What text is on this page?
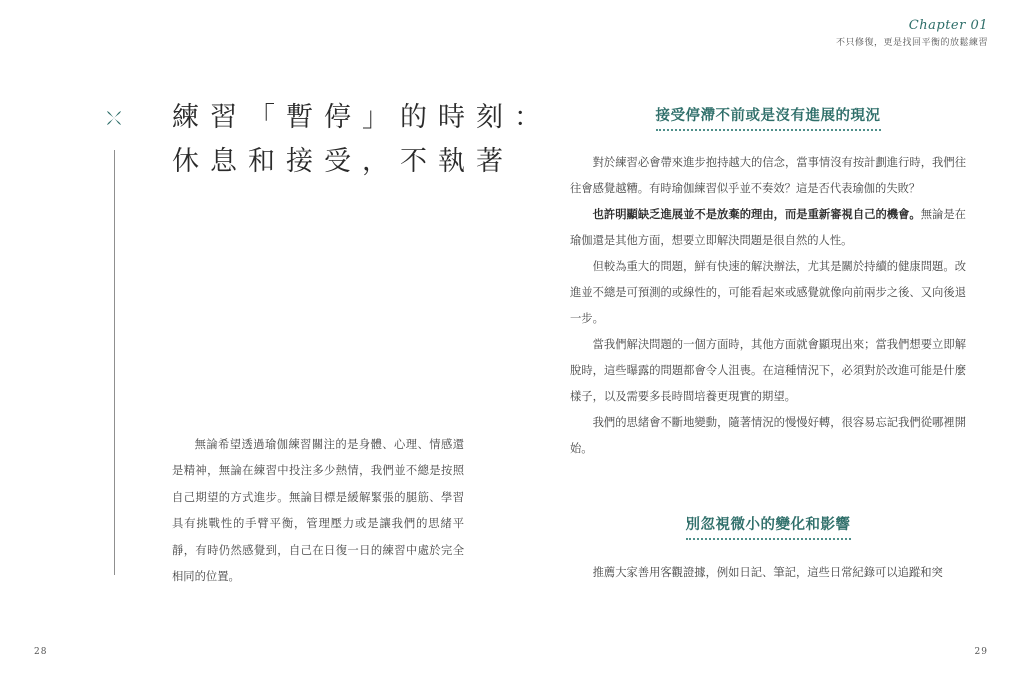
練習「暫停」的時刻：
休息和接受，不執著

無論希望透過瑜伽練習關注的是身體、心理、情感還是精神，無論在練習中投注多少熱情，我們並不總是按照自己期望的方式進步。無論目標是緩解緊張的腿筋、學習具有挑戰性的手臂平衡，管理壓力或是讓我們的思緒平靜，有時仍然感覺到，自己在日復一日的練習中處於完全相同的位置。

28
Chapter 01
不只修復，更是找回平衡的放鬆練習
接受停滯不前或是沒有進展的現況

對於練習必會帶來進步抱持越大的信念，當事情沒有按計劃進行時，我們往往會感覺越糟。有時瑜伽練習似乎並不奏效？這是否代表瑜伽的失敗？

也許明顯缺乏進展並不是放棄的理由，而是重新審視自己的機會。無論是在瑜伽還是其他方面，想要立即解決問題是很自然的人性。

但較為重大的問題，鮮有快速的解決辦法，尤其是關於持續的健康問題。改進並不總是可預測的或線性的，可能看起來或感覺就像向前兩步之後、又向後退一步。

當我們解決問題的一個方面時，其他方面就會顯現出來；當我們想要立即解脫時，這些曝露的問題都會令人沮喪。在這種情況下，必須對於改進可能是什麼樣子，以及需要多長時間培養更現實的期望。

我們的思緒會不斷地變動，隨著情況的慢慢好轉，很容易忘記我們從哪裡開始。

別忽視微小的變化和影響

推薦大家善用客觀證據，例如日記、筆記，這些日常紀錄可以追蹤和突

29
